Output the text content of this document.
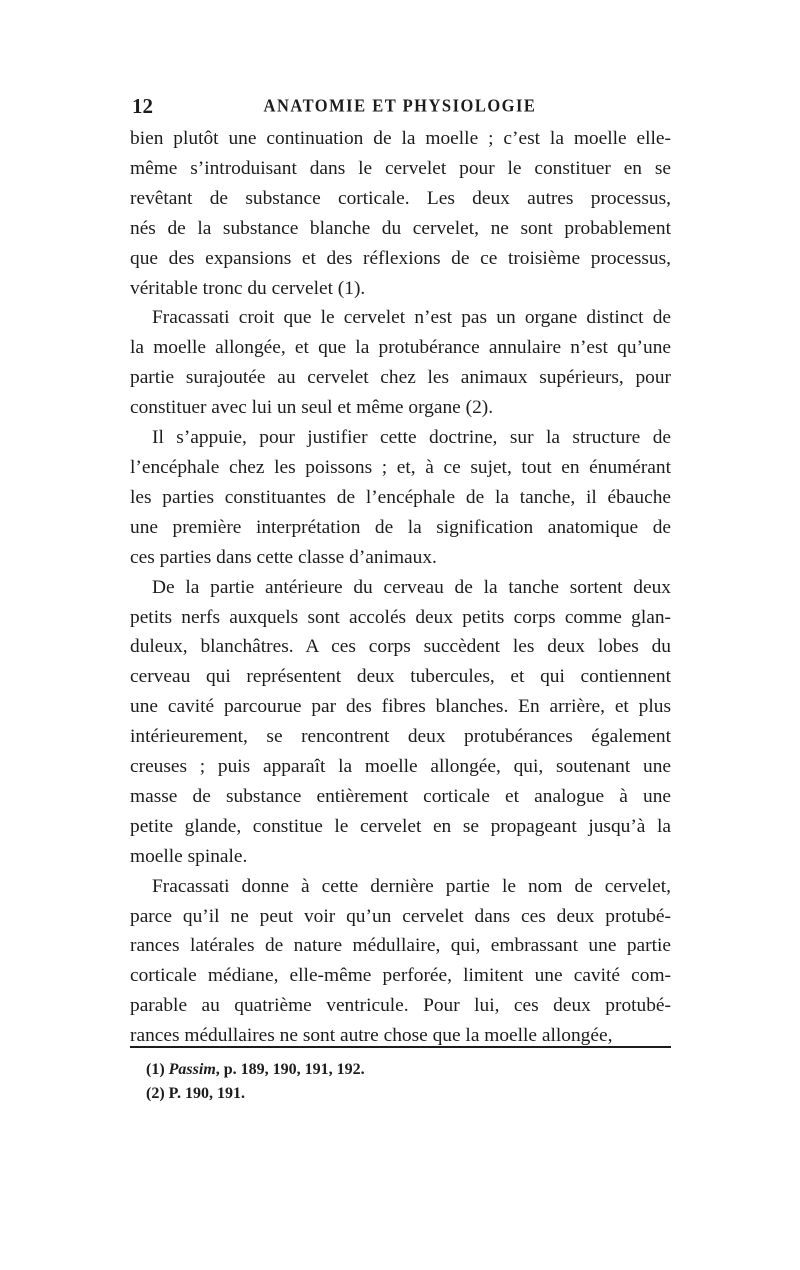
12	ANATOMIE ET PHYSIOLOGIE
bien plutôt une continuation de la moelle ; c’est la moelle elle-
même s’introduisant dans le cervelet pour le constituer en se
revêtant de substance corticale. Les deux autres processus,
nés de la substance blanche du cervelet, ne sont probablement
que des expansions et des réflexions de ce troisième processus,
véritable tronc du cervelet (1).
Fracassati croit que le cervelet n’est pas un organe distinct de
la moelle allongée, et que la protubérance annulaire n’est qu’une
partie surajoutée au cervelet chez les animaux supérieurs, pour
constituer avec lui un seul et même organe (2).
Il s’appuie, pour justifier cette doctrine, sur la structure de
l’encéphale chez les poissons ; et, à ce sujet, tout en énumérant
les parties constituantes de l’encéphale de la tanche, il ébauche
une première interprétation de la signification anatomique de
ces parties dans cette classe d’animaux.
De la partie antérieure du cerveau de la tanche sortent deux
petits nerfs auxquels sont accolés deux petits corps comme glan-
duleux, blanchâtres. A ces corps succèdent les deux lobes du
cerveau qui représentent deux tubercules, et qui contiennent
une cavité parcourue par des fibres blanches. En arrière, et plus
intérieurement, se rencontrent deux protubérances également
creuses ; puis apparaît la moelle allongée, qui, soutenant une
masse de substance entièrement corticale et analogue à une
petite glande, constitue le cervelet en se propageant jusqu’à la
moelle spinale.
Fracassati donne à cette dernière partie le nom de cervelet,
parce qu’il ne peut voir qu’un cervelet dans ces deux protubé-
rances latérales de nature médullaire, qui, embrassant une partie
corticale médiane, elle-même perforée, limitent une cavité com-
parable au quatrième ventricule. Pour lui, ces deux protubé-
rances médullaires ne sont autre chose que la moelle allongée,
(1) Passim, p. 189, 190, 191, 192.
(2) P. 190, 191.
